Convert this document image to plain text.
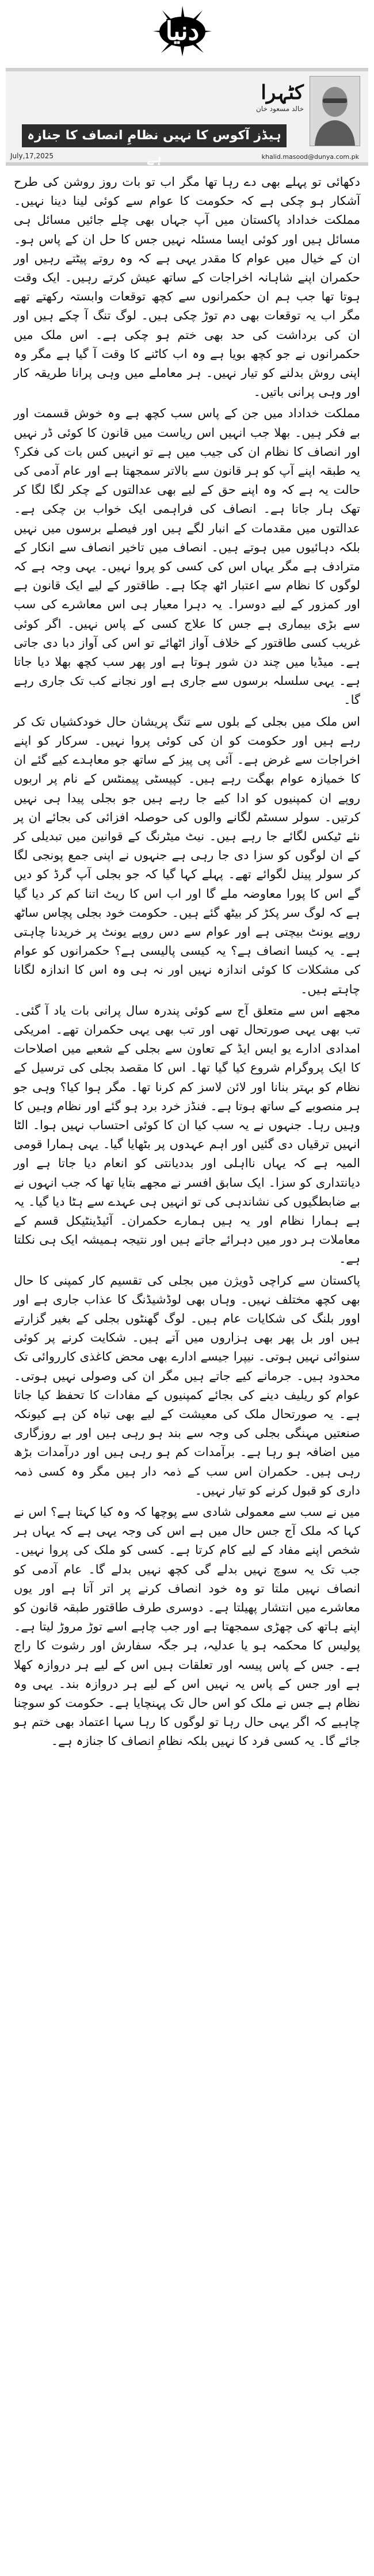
دنیا
کٹہرا
خالد مسعود خان
ہیڈز آکوس کا نہیں نظامِ انصاف کا جنازہ ہے	khalid.masood@dunya.com.pk
July,17,2025

دکھائی تو پہلے بھی دے رہا تھا مگر اب تو بات روز روشن کی طرح آشکار ہو چکی ہے کہ حکومت کا عوام سے کوئی لینا دینا نہیں۔ مملکت خداداد پاکستان میں آپ جہاں بھی چلے جائیں مسائل ہی مسائل ہیں اور کوئی ایسا مسئلہ نہیں جس کا حل ان کے پاس ہو۔ ان کے خیال میں عوام کا مقدر یہی ہے کہ وہ روتے پیٹتے رہیں اور حکمران اپنے شاہانہ اخراجات کے ساتھ عیش کرتے رہیں۔ ایک وقت ہوتا تھا جب ہم ان حکمرانوں سے کچھ توقعات وابستہ رکھتے تھے مگر اب یہ توقعات بھی دم توڑ چکی ہیں۔ لوگ تنگ آ چکے ہیں اور ان کی برداشت کی حد بھی ختم ہو چکی ہے۔ اس ملک میں حکمرانوں نے جو کچھ بویا ہے وہ اب کاٹنے کا وقت آ گیا ہے مگر وہ اپنی روش بدلنے کو تیار نہیں۔ ہر معاملے میں وہی پرانا طریقہ کار اور وہی پرانی باتیں۔

مملکت خداداد میں جن کے پاس سب کچھ ہے وہ خوش قسمت اور بے فکر ہیں۔ بھلا جب انہیں اس ریاست میں قانون کا کوئی ڈر نہیں اور انصاف کا نظام ان کی جیب میں ہے تو انہیں کس بات کی فکر؟ یہ طبقہ اپنے آپ کو ہر قانون سے بالاتر سمجھتا ہے اور عام آدمی کی حالت یہ ہے کہ وہ اپنے حق کے لیے بھی عدالتوں کے چکر لگا لگا کر تھک ہار جاتا ہے۔ انصاف کی فراہمی ایک خواب بن چکی ہے۔ عدالتوں میں مقدمات کے انبار لگے ہیں اور فیصلے برسوں میں نہیں بلکہ دہائیوں میں ہوتے ہیں۔ انصاف میں تاخیر انصاف سے انکار کے مترادف ہے مگر یہاں اس کی کسی کو پروا نہیں۔ یہی وجہ ہے کہ لوگوں کا نظام سے اعتبار اٹھ چکا ہے۔ طاقتور کے لیے ایک قانون ہے اور کمزور کے لیے دوسرا۔ یہ دہرا معیار ہی اس معاشرے کی سب سے بڑی بیماری ہے جس کا علاج کسی کے پاس نہیں۔ اگر کوئی غریب کسی طاقتور کے خلاف آواز اٹھائے تو اس کی آواز دبا دی جاتی ہے۔ میڈیا میں چند دن شور ہوتا ہے اور پھر سب کچھ بھلا دیا جاتا ہے۔ یہی سلسلہ برسوں سے جاری ہے اور نجانے کب تک جاری رہے گا۔

اس ملک میں بجلی کے بلوں سے تنگ پریشان حال خودکشیاں تک کر رہے ہیں اور حکومت کو ان کی کوئی پروا نہیں۔ سرکار کو اپنے اخراجات سے غرض ہے۔ آئی پی پیز کے ساتھ جو معاہدے کیے گئے ان کا خمیازہ عوام بھگت رہے ہیں۔ کپیسٹی پیمنٹس کے نام پر اربوں روپے ان کمپنیوں کو ادا کیے جا رہے ہیں جو بجلی پیدا ہی نہیں کرتیں۔ سولر سسٹم لگانے والوں کی حوصلہ افزائی کی بجائے ان پر نئے ٹیکس لگائے جا رہے ہیں۔ نیٹ میٹرنگ کے قوانین میں تبدیلی کر کے ان لوگوں کو سزا دی جا رہی ہے جنہوں نے اپنی جمع پونجی لگا کر سولر پینل لگوائے تھے۔ پہلے کہا گیا کہ جو بجلی آپ گرڈ کو دیں گے اس کا پورا معاوضہ ملے گا اور اب اس کا ریٹ اتنا کم کر دیا گیا ہے کہ لوگ سر پکڑ کر بیٹھ گئے ہیں۔ حکومت خود بجلی پچاس ساٹھ روپے یونٹ بیچتی ہے اور عوام سے دس روپے یونٹ پر خریدنا چاہتی ہے۔ یہ کیسا انصاف ہے؟ یہ کیسی پالیسی ہے؟ حکمرانوں کو عوام کی مشکلات کا کوئی اندازہ نہیں اور نہ ہی وہ اس کا اندازہ لگانا چاہتے ہیں۔

مجھے اس سے متعلق آج سے کوئی پندرہ سال پرانی بات یاد آ گئی۔ تب بھی یہی صورتحال تھی اور تب بھی یہی حکمران تھے۔ امریکی امدادی ادارے یو ایس ایڈ کے تعاون سے بجلی کے شعبے میں اصلاحات کا ایک پروگرام شروع کیا گیا تھا۔ اس کا مقصد بجلی کی ترسیل کے نظام کو بہتر بنانا اور لائن لاسز کم کرنا تھا۔ مگر ہوا کیا؟ وہی جو ہر منصوبے کے ساتھ ہوتا ہے۔ فنڈز خرد برد ہو گئے اور نظام وہیں کا وہیں رہا۔ جنہوں نے یہ سب کیا ان کا کوئی احتساب نہیں ہوا۔ الٹا انہیں ترقیاں دی گئیں اور اہم عہدوں پر بٹھایا گیا۔ یہی ہمارا قومی المیہ ہے کہ یہاں نااہلی اور بددیانتی کو انعام دیا جاتا ہے اور دیانتداری کو سزا۔ ایک سابق افسر نے مجھے بتایا تھا کہ جب انہوں نے بے ضابطگیوں کی نشاندہی کی تو انہیں ہی عہدے سے ہٹا دیا گیا۔ یہ ہے ہمارا نظام اور یہ ہیں ہمارے حکمران۔ آئیڈینٹیکل قسم کے معاملات ہر دور میں دہرائے جاتے ہیں اور نتیجہ ہمیشہ ایک ہی نکلتا ہے۔

پاکستان سے کراچی ڈویژن میں بجلی کی تقسیم کار کمپنی کا حال بھی کچھ مختلف نہیں۔ وہاں بھی لوڈشیڈنگ کا عذاب جاری ہے اور اوور بلنگ کی شکایات عام ہیں۔ لوگ گھنٹوں بجلی کے بغیر گزارتے ہیں اور بل پھر بھی ہزاروں میں آتے ہیں۔ شکایت کرنے پر کوئی سنوائی نہیں ہوتی۔ نیپرا جیسے ادارے بھی محض کاغذی کارروائی تک محدود ہیں۔ جرمانے کیے جاتے ہیں مگر ان کی وصولی نہیں ہوتی۔ عوام کو ریلیف دینے کی بجائے کمپنیوں کے مفادات کا تحفظ کیا جاتا ہے۔ یہ صورتحال ملک کی معیشت کے لیے بھی تباہ کن ہے کیونکہ صنعتیں مہنگی بجلی کی وجہ سے بند ہو رہی ہیں اور بے روزگاری میں اضافہ ہو رہا ہے۔ برآمدات کم ہو رہی ہیں اور درآمدات بڑھ رہی ہیں۔ حکمران اس سب کے ذمہ دار ہیں مگر وہ کسی ذمہ داری کو قبول کرنے کو تیار نہیں۔

میں نے سب سے معمولی شادی سے پوچھا کہ وہ کیا کہتا ہے؟ اس نے کہا کہ ملک آج جس حال میں ہے اس کی وجہ یہی ہے کہ یہاں ہر شخص اپنے مفاد کے لیے کام کرتا ہے۔ کسی کو ملک کی پروا نہیں۔ جب تک یہ سوچ نہیں بدلے گی کچھ نہیں بدلے گا۔ عام آدمی کو انصاف نہیں ملتا تو وہ خود انصاف کرنے پر اتر آتا ہے اور یوں معاشرے میں انتشار پھیلتا ہے۔ دوسری طرف طاقتور طبقہ قانون کو اپنے ہاتھ کی چھڑی سمجھتا ہے اور جب چاہے اسے توڑ مروڑ لیتا ہے۔ پولیس کا محکمہ ہو یا عدلیہ، ہر جگہ سفارش اور رشوت کا راج ہے۔ جس کے پاس پیسہ اور تعلقات ہیں اس کے لیے ہر دروازہ کھلا ہے اور جس کے پاس یہ نہیں اس کے لیے ہر دروازہ بند۔ یہی وہ نظام ہے جس نے ملک کو اس حال تک پہنچایا ہے۔ حکومت کو سوچنا چاہیے کہ اگر یہی حال رہا تو لوگوں کا رہا سہا اعتماد بھی ختم ہو جائے گا۔ یہ کسی فرد کا نہیں بلکہ نظامِ انصاف کا جنازہ ہے۔
